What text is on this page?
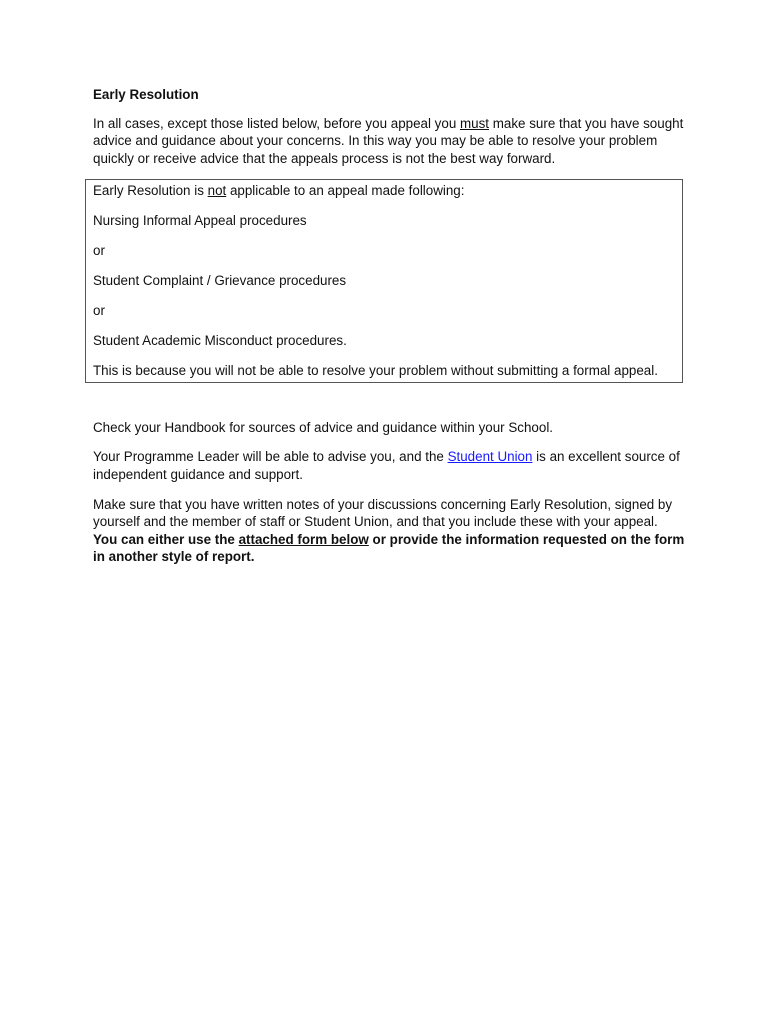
Early Resolution

In all cases, except those listed below, before you appeal you must make sure that you have sought advice and guidance about your concerns. In this way you may be able to resolve your problem quickly or receive advice that the appeals process is not the best way forward.

Early Resolution is not applicable to an appeal made following:

Nursing Informal Appeal procedures

or

Student Complaint / Grievance procedures

or

Student Academic Misconduct procedures.

This is because you will not be able to resolve your problem without submitting a formal appeal.

Check your Handbook for sources of advice and guidance within your School.

Your Programme Leader will be able to advise you, and the Student Union is an excellent source of independent guidance and support.

Make sure that you have written notes of your discussions concerning Early Resolution, signed by yourself and the member of staff or Student Union, and that you include these with your appeal. You can either use the attached form below or provide the information requested on the form in another style of report.
